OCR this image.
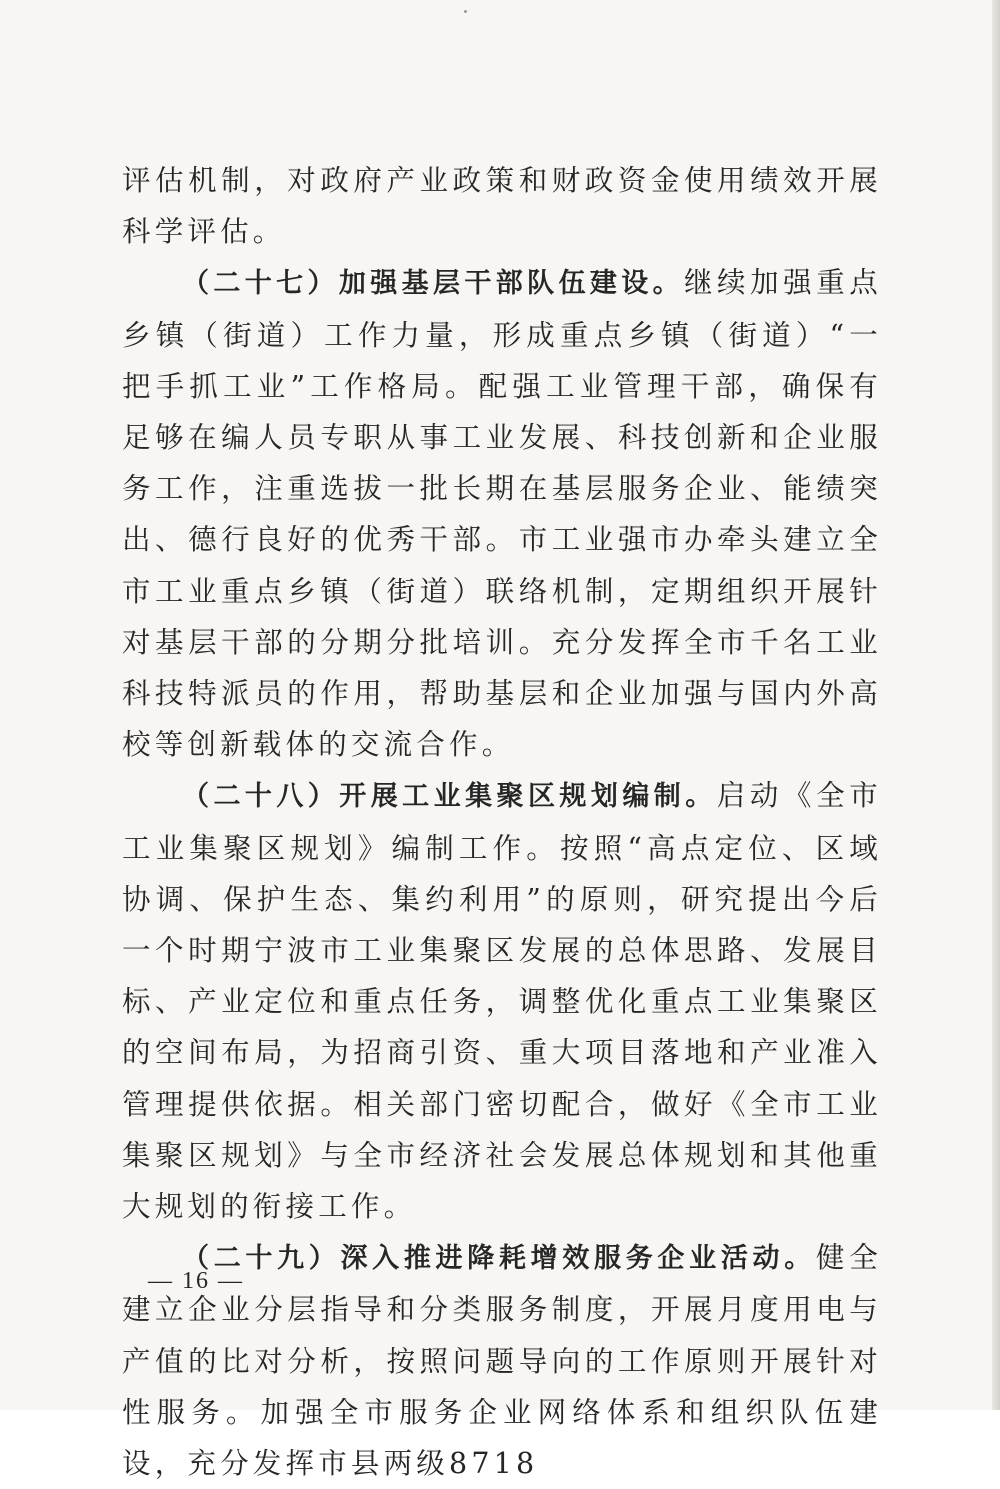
评估机制，对政府产业政策和财政资金使用绩效开展科学评估。

（二十七）加强基层干部队伍建设。继续加强重点乡镇（街道）工作力量，形成重点乡镇（街道）“一把手抓工业”工作格局。配强工业管理干部，确保有足够在编人员专职从事工业发展、科技创新和企业服务工作，注重选拔一批长期在基层服务企业、能绩突出、德行良好的优秀干部。市工业强市办牵头建立全市工业重点乡镇（街道）联络机制，定期组织开展针对基层干部的分期分批培训。充分发挥全市千名工业科技特派员的作用，帮助基层和企业加强与国内外高校等创新载体的交流合作。

（二十八）开展工业集聚区规划编制。启动《全市工业集聚区规划》编制工作。按照“高点定位、区域协调、保护生态、集约利用”的原则，研究提出今后一个时期宁波市工业集聚区发展的总体思路、发展目标、产业定位和重点任务，调整优化重点工业集聚区的空间布局，为招商引资、重大项目落地和产业准入管理提供依据。相关部门密切配合，做好《全市工业集聚区规划》与全市经济社会发展总体规划和其他重大规划的衔接工作。

（二十九）深入推进降耗增效服务企业活动。健全建立企业分层指导和分类服务制度，开展月度用电与产值的比对分析，按照问题导向的工作原则开展针对性服务。加强全市服务企业网络体系和组织队伍建设，充分发挥市县两级8718

— 16 —
